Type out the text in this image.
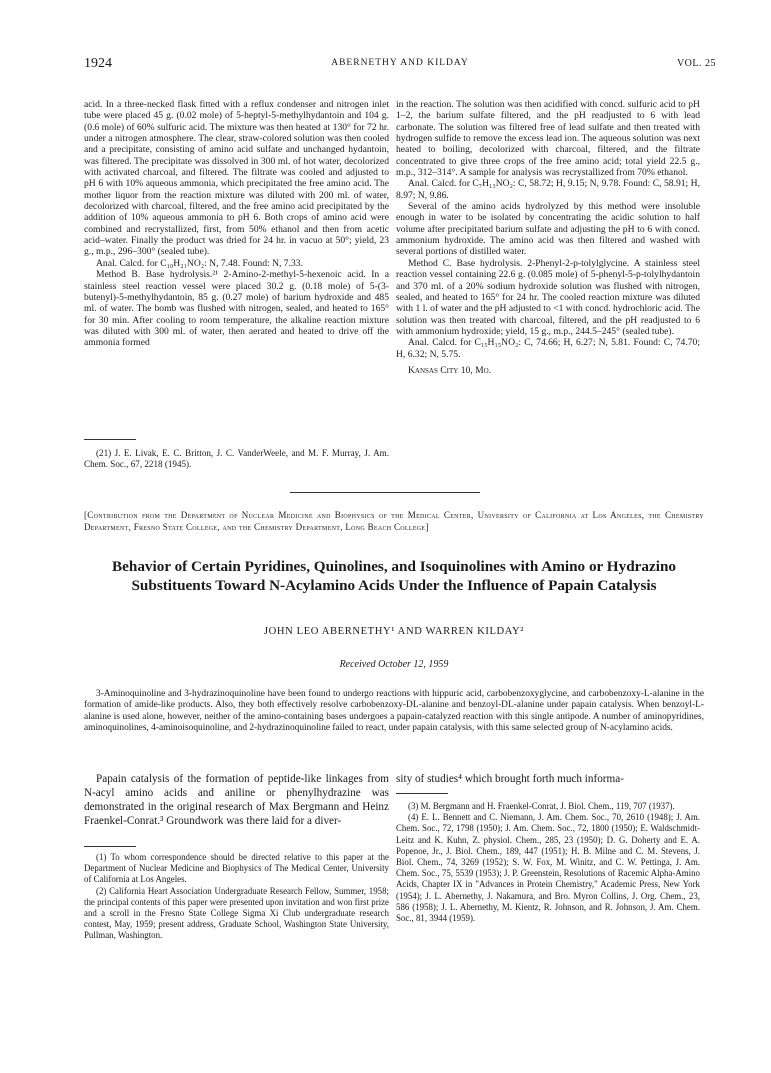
1924	ABERNETHY AND KILDAY	VOL. 25

acid. In a three-necked flask fitted with a reflux condenser and nitrogen inlet tube were placed 45 g. (0.02 mole) of 5-heptyl-5-methylhydantoin and 104 g. (0.6 mole) of 60% sulfuric acid. The mixture was then heated at 130° for 72 hr. under a nitrogen atmosphere. The clear, straw-colored solution was then cooled and a precipitate, consisting of amino acid sulfate and unchanged hydantoin, was filtered. The precipitate was dissolved in 300 ml. of hot water, decolorized with activated charcoal, and filtered. The filtrate was cooled and adjusted to pH 6 with 10% aqueous ammonia, which precipitated the free amino acid. The mother liquor from the reaction mixture was diluted with 200 ml. of water, decolorized with charcoal, filtered, and the free amino acid precipitated by the addition of 10% aqueous ammonia to pH 6. Both crops of amino acid were combined and recrystallized, first, from 50% ethanol and then from acetic acid–water. Finally the product was dried for 24 hr. in vacuo at 50°; yield, 23 g., m.p., 296–300° (sealed tube).

Anal. Calcd. for C₁₀H₂₁NO₂: N, 7.48. Found: N, 7.33.

Method B. Base hydrolysis.²¹ 2-Amino-2-methyl-5-hexenoic acid. In a stainless steel reaction vessel were placed 30.2 g. (0.18 mole) of 5-(3-butenyl)-5-methylhydantoin, 85 g. (0.27 mole) of barium hydroxide and 485 ml. of water. The bomb was flushed with nitrogen, sealed, and heated to 165° for 30 min. After cooling to room temperature, the alkaline reaction mixture was diluted with 300 ml. of water, then aerated and heated to drive off the ammonia formed

(21) J. E. Livak, E. C. Britton, J. C. VanderWeele, and M. F. Murray, J. Am. Chem. Soc., 67, 2218 (1945).

in the reaction. The solution was then acidified with concd. sulfuric acid to pH 1–2, the barium sulfate filtered, and the pH readjusted to 6 with lead carbonate. The solution was filtered free of lead sulfate and then treated with hydrogen sulfide to remove the excess lead ion. The aqueous solution was next heated to boiling, decolorized with charcoal, filtered, and the filtrate concentrated to give three crops of the free amino acid; total yield 22.5 g., m.p., 312–314°. A sample for analysis was recrystallized from 70% ethanol.

Anal. Calcd. for C₇H₁₃NO₂: C, 58.72; H, 9.15; N, 9.78. Found: C, 58.91; H, 8.97; N, 9.86.

Several of the amino acids hydrolyzed by this method were insoluble enough in water to be isolated by concentrating the acidic solution to half volume after precipitated barium sulfate and adjusting the pH to 6 with concd. ammonium hydroxide. The amino acid was then filtered and washed with several portions of distilled water.

Method C. Base hydrolysis. 2-Phenyl-2-p-tolylglycine. A stainless steel reaction vessel containing 22.6 g. (0.085 mole) of 5-phenyl-5-p-tolylhydantoin and 370 ml. of a 20% sodium hydroxide solution was flushed with nitrogen, sealed, and heated to 165° for 24 hr. The cooled reaction mixture was diluted with 1 l. of water and the pH adjusted to <1 with concd. hydrochloric acid. The solution was then treated with charcoal, filtered, and the pH readjusted to 6 with ammonium hydroxide; yield, 15 g., m.p., 244.5–245° (sealed tube).

Anal. Calcd. for C₁₅H₁₅NO₂: C, 74.66; H, 6.27; N, 5.81. Found: C, 74.70; H, 6.32; N, 5.75.

Kansas City 10, Mo.

[Contribution from the Department of Nuclear Medicine and Biophysics of the Medical Center, University of California at Los Angeles, the Chemistry Department, Fresno State College, and the Chemistry Department, Long Beach College]
Behavior of Certain Pyridines, Quinolines, and Isoquinolines with Amino or Hydrazino Substituents Toward N-Acylamino Acids Under the Influence of Papain Catalysis
JOHN LEO ABERNETHY¹ AND WARREN KILDAY²
Received October 12, 1959

3-Aminoquinoline and 3-hydrazinoquinoline have been found to undergo reactions with hippuric acid, carbobenzoxyglycine, and carbobenzoxy-L-alanine in the formation of amide-like products. Also, they both effectively resolve carbobenzoxy-DL-alanine and benzoyl-DL-alanine under papain catalysis. When benzoyl-L-alanine is used alone, however, neither of the amino-containing bases undergoes a papain-catalyzed reaction with this single antipode. A number of aminopyridines, aminoquinolines, 4-aminoisoquinoline, and 2-hydrazinoquinoline failed to react, under papain catalysis, with this same selected group of N-acylamino acids.

Papain catalysis of the formation of peptide-like linkages from N-acyl amino acids and aniline or phenylhydrazine was demonstrated in the original research of Max Bergmann and Heinz Fraenkel-Conrat.³ Groundwork was there laid for a diver-

sity of studies⁴ which brought forth much informa-

(1) To whom correspondence should be directed relative to this paper at the Department of Nuclear Medicine and Biophysics of The Medical Center, University of California at Los Angeles.

(2) California Heart Association Undergraduate Research Fellow, Summer, 1958; the principal contents of this paper were presented upon invitation and won first prize and a scroll in the Fresno State College Sigma Xi Club undergraduate research contest, May, 1959; present address, Graduate School, Washington State University, Pullman, Washington.

(3) M. Bergmann and H. Fraenkel-Conrat, J. Biol. Chem., 119, 707 (1937).

(4) E. L. Bennett and C. Niemann, J. Am. Chem. Soc., 70, 2610 (1948); J. Am. Chem. Soc., 72, 1798 (1950); J. Am. Chem. Soc., 72, 1800 (1950); E. Waldschmidt-Leitz and K. Kuhn, Z. physiol. Chem., 285, 23 (1950); D. G. Doherty and E. A. Popenoe, Jr., J. Biol. Chem., 189, 447 (1951); H. B. Milne and C. M. Stevens, J. Biol. Chem., 74, 3269 (1952); S. W. Fox, M. Winitz, and C. W. Pettinga, J. Am. Chem. Soc., 75, 5539 (1953); J. P. Greenstein, Resolutions of Racemic Alpha-Amino Acids, Chapter IX in "Advances in Protein Chemistry," Academic Press, New York (1954); J. L. Abernethy, J. Nakamura, and Bro. Myron Collins, J. Org. Chem., 23, 586 (1958); J. L. Abernethy, M. Kientz, R. Johnson, and R. Johnson, J. Am. Chem. Soc., 81, 3944 (1959).
